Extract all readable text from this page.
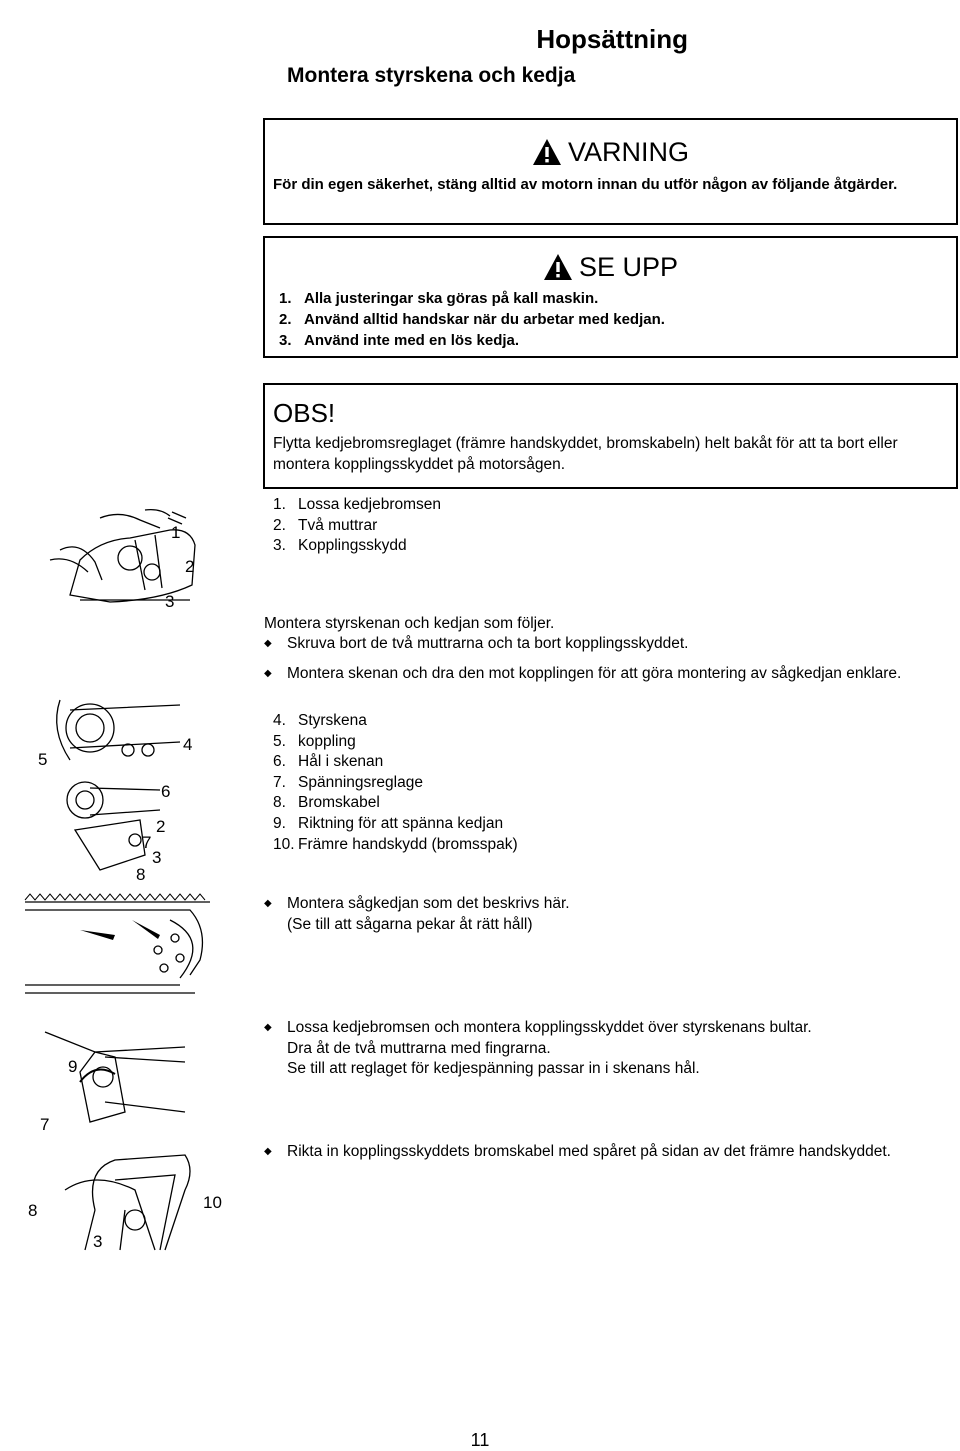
Hopsättning
Montera styrskena och kedja
VARNING
För din egen säkerhet, stäng alltid av motorn innan du utför någon av följande åtgärder.
SE UPP
1. Alla justeringar ska göras på kall maskin.
2. Använd alltid handskar när du arbetar med kedjan.
3. Använd inte med en lös kedja.
OBS!
Flytta kedjebromsreglaget (främre handskyddet, bromskabeln) helt bakåt för att ta bort eller montera kopplingsskyddet på motorsågen.
1. Lossa kedjebromsen
2. Två muttrar
3. Kopplingsskydd
Montera styrskenan och kedjan som följer.
◆ Skruva bort de två muttrarna och ta bort kopplingsskyddet.
◆ Montera skenan och dra den mot kopplingen för att göra montering av sågkedjan enklare.
4. Styrskena
5. koppling
6. Hål i skenan
7. Spänningsreglage
8. Bromskabel
9. Riktning för att spänna kedjan
10. Främre handskydd (bromsspak)
◆ Montera sågkedjan som det beskrivs här.
(Se till att sågarna pekar åt rätt håll)
◆ Lossa kedjebromsen och montera kopplingsskyddet över styrskenans bultar.
Dra åt de två muttrarna med fingrarna.
Se till att reglaget för kedjespänning passar in i skenans hål.
◆ Rikta in kopplingsskyddets bromskabel med spåret på sidan av det främre handskyddet.
1
2
3
5
4
6
2
7
3
8
9
7
8	10
3
11
